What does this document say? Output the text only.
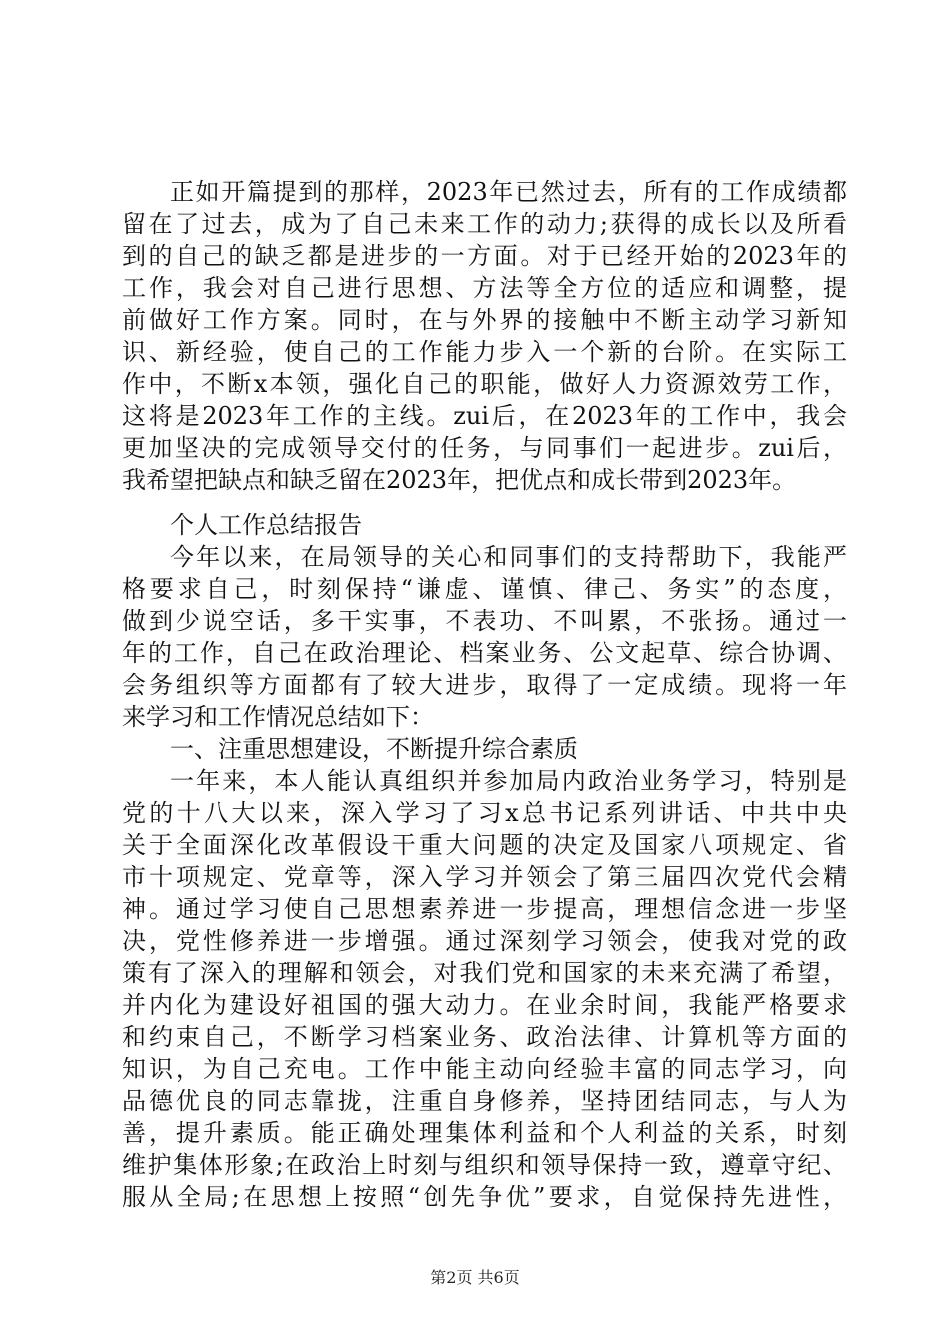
正如开篇提到的那样，2023年已然过去，所有的工作成绩都
留在了过去，成为了自己未来工作的动力;获得的成长以及所看
到的自己的缺乏都是进步的一方面。对于已经开始的2023年的
工作，我会对自己进行思想、方法等全方位的适应和调整，提
前做好工作方案。同时，在与外界的接触中不断主动学习新知
识、新经验，使自己的工作能力步入一个新的台阶。在实际工
作中，不断x本领，强化自己的职能，做好人力资源效劳工作，
这将是2023年工作的主线。zui后，在2023年的工作中，我会
更加坚决的完成领导交付的任务，与同事们一起进步。zui后，
我希望把缺点和缺乏留在2023年，把优点和成长带到2023年。
个人工作总结报告
今年以来，在局领导的关心和同事们的支持帮助下，我能严
格要求自己，时刻保持“谦虚、谨慎、律己、务实”的态度，
做到少说空话，多干实事，不表功、不叫累，不张扬。通过一
年的工作，自己在政治理论、档案业务、公文起草、综合协调、
会务组织等方面都有了较大进步，取得了一定成绩。现将一年
来学习和工作情况总结如下：
一、注重思想建设，不断提升综合素质
一年来，本人能认真组织并参加局内政治业务学习，特别是
党的十八大以来，深入学习了习x总书记系列讲话、中共中央
关于全面深化改革假设干重大问题的决定及国家八项规定、省
市十项规定、党章等，深入学习并领会了第三届四次党代会精
神。通过学习使自己思想素养进一步提高，理想信念进一步坚
决，党性修养进一步增强。通过深刻学习领会，使我对党的政
策有了深入的理解和领会，对我们党和国家的未来充满了希望，
并内化为建设好祖国的强大动力。在业余时间，我能严格要求
和约束自己，不断学习档案业务、政治法律、计算机等方面的
知识，为自己充电。工作中能主动向经验丰富的同志学习，向
品德优良的同志靠拢，注重自身修养，坚持团结同志，与人为
善，提升素质。能正确处理集体利益和个人利益的关系，时刻
维护集体形象;在政治上时刻与组织和领导保持一致，遵章守纪、
服从全局;在思想上按照“创先争优”要求，自觉保持先进性，
第2页 共6页
